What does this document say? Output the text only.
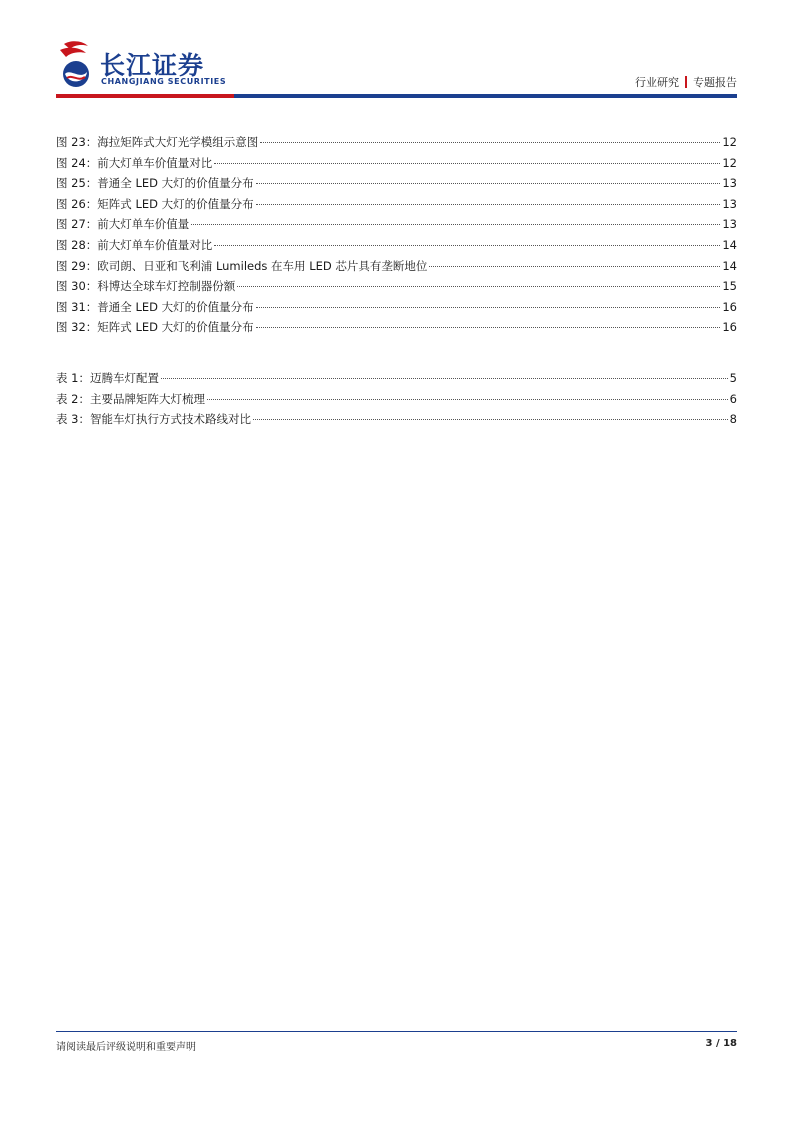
长江证券
CHANGJIANG SECURITIES	行业研究 专题报告
图 23：海拉矩阵式大灯光学模组示意图	12
图 24：前大灯单车价值量对比	12
图 25：普通全 LED 大灯的价值量分布	13
图 26：矩阵式 LED 大灯的价值量分布	13
图 27：前大灯单车价值量	13
图 28：前大灯单车价值量对比	14
图 29：欧司朗、日亚和飞利浦 Lumileds 在车用 LED 芯片具有垄断地位	14
图 30：科博达全球车灯控制器份额	15
图 31：普通全 LED 大灯的价值量分布	16
图 32：矩阵式 LED 大灯的价值量分布	16
表 1：迈腾车灯配置	5
表 2：主要品牌矩阵大灯梳理	6
表 3：智能车灯执行方式技术路线对比	8
请阅读最后评级说明和重要声明	3 / 18
